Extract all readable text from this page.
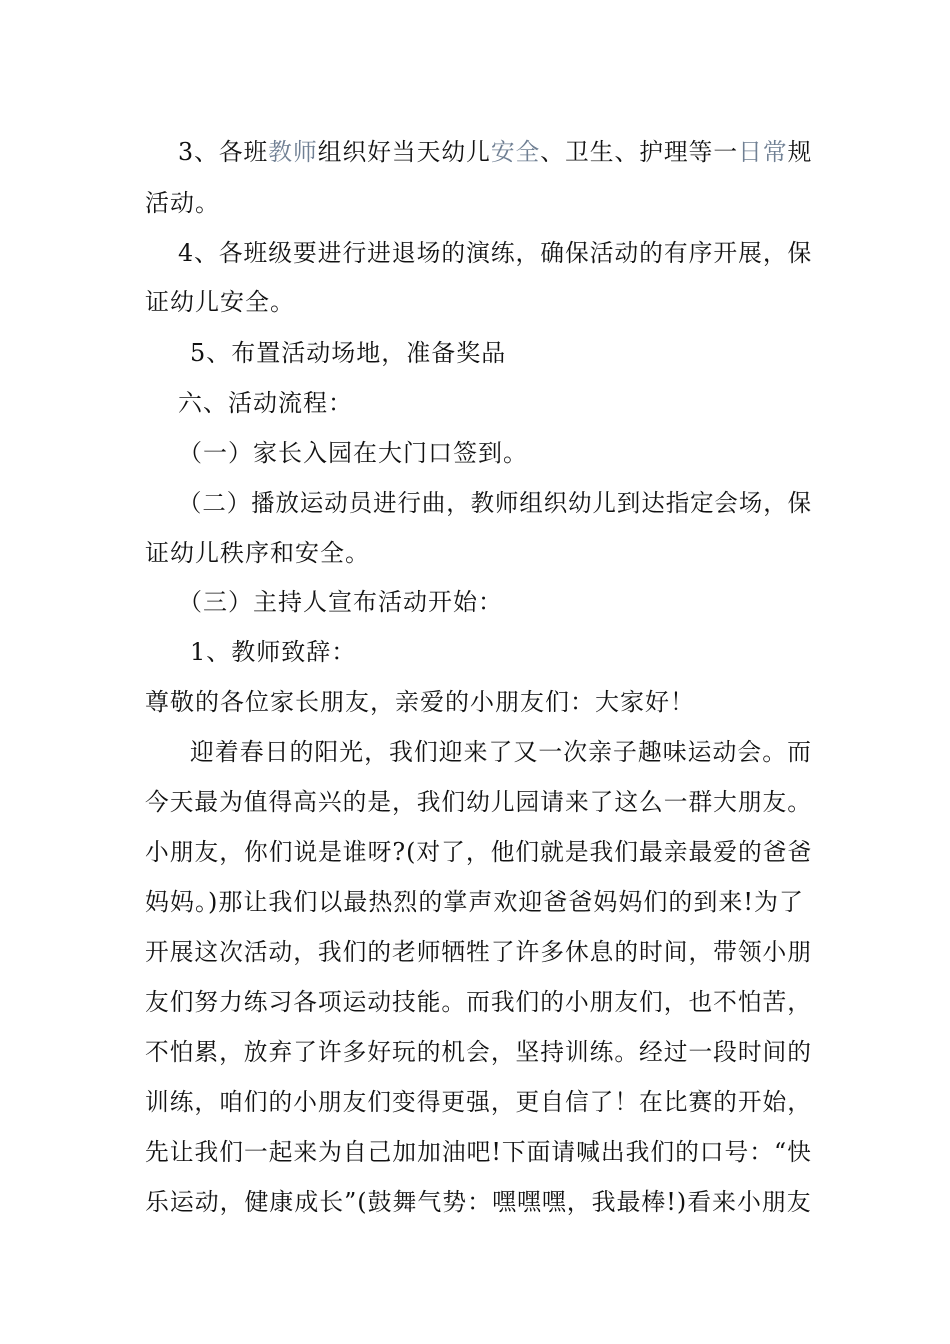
3、各班教师组织好当天幼儿安全、卫生、护理等一日常规
活动。
4、各班级要进行进退场的演练，确保活动的有序开展，保
证幼儿安全。
5、布置活动场地，准备奖品
六、活动流程：
（一）家长入园在大门口签到。
（二）播放运动员进行曲，教师组织幼儿到达指定会场，保
证幼儿秩序和安全。
（三）主持人宣布活动开始：
1、教师致辞：
尊敬的各位家长朋友，亲爱的小朋友们：大家好！
迎着春日的阳光，我们迎来了又一次亲子趣味运动会。而
今天最为值得高兴的是，我们幼儿园请来了这么一群大朋友。
小朋友，你们说是谁呀?(对了，他们就是我们最亲最爱的爸爸
妈妈。)那让我们以最热烈的掌声欢迎爸爸妈妈们的到来!为了
开展这次活动，我们的老师牺牲了许多休息的时间，带领小朋
友们努力练习各项运动技能。而我们的小朋友们，也不怕苦，
不怕累，放弃了许多好玩的机会，坚持训练。经过一段时间的
训练，咱们的小朋友们变得更强，更自信了！在比赛的开始，
先让我们一起来为自己加加油吧!下面请喊出我们的口号：“快
乐运动，健康成长”(鼓舞气势：嘿嘿嘿，我最棒!)看来小朋友
